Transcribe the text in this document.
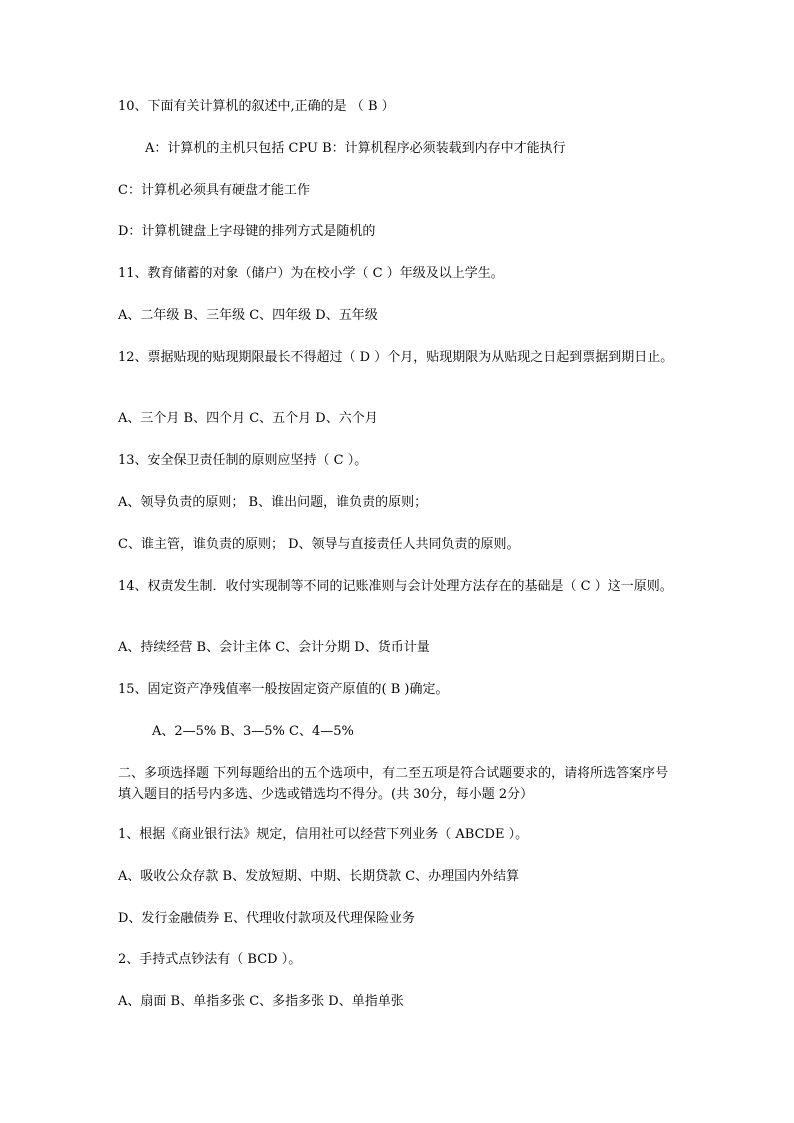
10、下面有关计算机的叙述中,正确的是 （ B ）
A：计算机的主机只包括 CPU B：计算机程序必须装载到内存中才能执行
C：计算机必须具有硬盘才能工作
D：计算机键盘上字母键的排列方式是随机的
11、教育储蓄的对象（储户）为在校小学（ C ）年级及以上学生。
A、二年级 B、三年级 C、四年级 D、五年级
12、票据贴现的贴现期限最长不得超过（ D ）个月，贴现期限为从贴现之日起到票据到期日止。
A、三个月 B、四个月 C、五个月 D、六个月
13、安全保卫责任制的原则应坚持（ C ）。
A、领导负责的原则； B、谁出问题，谁负责的原则；
C、谁主管，谁负责的原则； D、领导与直接责任人共同负责的原则。
14、权责发生制．收付实现制等不同的记账准则与会计处理方法存在的基础是（ C ）这一原则。
A、持续经营 B、会计主体 C、会计分期 D、货币计量
15、固定资产净残值率一般按固定资产原值的( B )确定。
A、2—5% B、3—5% C、4—5%
二、多项选择题 下列每题给出的五个选项中，有二至五项是符合试题要求的，请将所选答案序号填入题目的括号内多选、少选或错选均不得分。(共 30分，每小题 2分）
1、根据《商业银行法》规定，信用社可以经营下列业务（ ABCDE ）。
A、吸收公众存款 B、发放短期、中期、长期贷款 C、办理国内外结算
D、发行金融债券 E、代理收付款项及代理保险业务
2、手持式点钞法有（ BCD ）。
A、扇面 B、单指多张 C、多指多张 D、单指单张
